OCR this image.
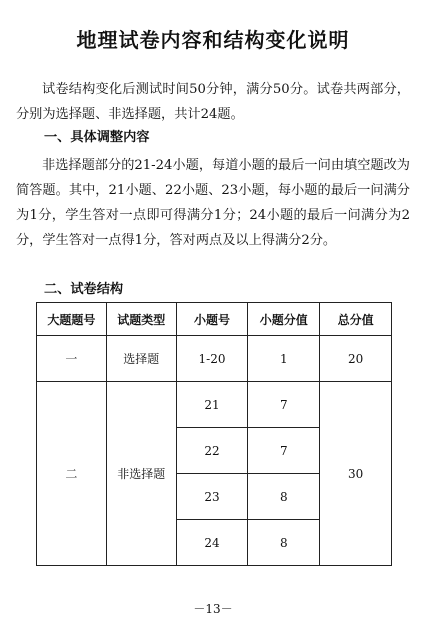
地理试卷内容和结构变化说明
试卷结构变化后测试时间50分钟，满分50分。试卷共两部分，分别为选择题、非选择题，共计24题。
一、具体调整内容
非选择题部分的21-24小题，每道小题的最后一问由填空题改为简答题。其中，21小题、22小题、23小题，每小题的最后一问满分为1分，学生答对一点即可得满分1分；24小题的最后一问满分为2分，学生答对一点得1分，答对两点及以上得满分2分。
二、试卷结构
大题题号	试题类型	小题号	小题分值	总分值
一	选择题	1-20	1	20
二	非选择题	21	7	30
		22	7	
		23	8	
		24	8	
－13－
